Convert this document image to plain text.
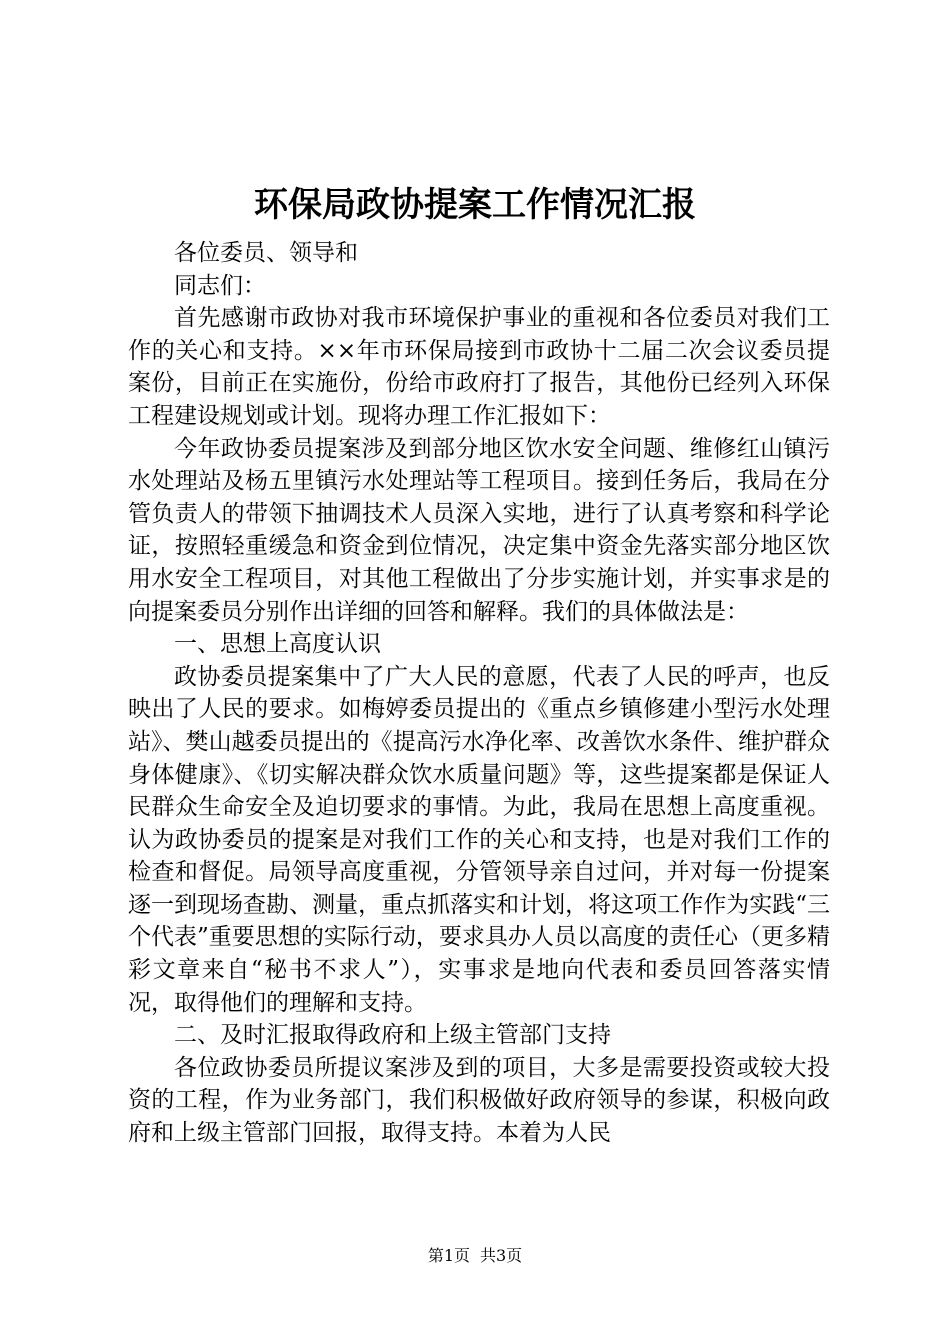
环保局政协提案工作情况汇报

各位委员、领导和

同志们：

首先感谢市政协对我市环境保护事业的重视和各位委员对我们工作的关心和支持。××年市环保局接到市政协十二届二次会议委员提案份，目前正在实施份，份给市政府打了报告，其他份已经列入环保工程建设规划或计划。现将办理工作汇报如下：

今年政协委员提案涉及到部分地区饮水安全问题、维修红山镇污水处理站及杨五里镇污水处理站等工程项目。接到任务后，我局在分管负责人的带领下抽调技术人员深入实地，进行了认真考察和科学论证，按照轻重缓急和资金到位情况，决定集中资金先落实部分地区饮用水安全工程项目，对其他工程做出了分步实施计划，并实事求是的向提案委员分别作出详细的回答和解释。我们的具体做法是：

一、思想上高度认识

政协委员提案集中了广大人民的意愿，代表了人民的呼声，也反映出了人民的要求。如梅婷委员提出的《重点乡镇修建小型污水处理站》、樊山越委员提出的《提高污水净化率、改善饮水条件、维护群众身体健康》、《切实解决群众饮水质量问题》等，这些提案都是保证人民群众生命安全及迫切要求的事情。为此，我局在思想上高度重视。认为政协委员的提案是对我们工作的关心和支持，也是对我们工作的检查和督促。局领导高度重视，分管领导亲自过问，并对每一份提案逐一到现场查勘、测量，重点抓落实和计划，将这项工作作为实践“三个代表”重要思想的实际行动，要求具办人员以高度的责任心（更多精彩文章来自“秘书不求人”），实事求是地向代表和委员回答落实情况，取得他们的理解和支持。

二、及时汇报取得政府和上级主管部门支持

各位政协委员所提议案涉及到的项目，大多是需要投资或较大投资的工程，作为业务部门，我们积极做好政府领导的参谋，积极向政府和上级主管部门回报，取得支持。本着为人民

第1页 共3页
